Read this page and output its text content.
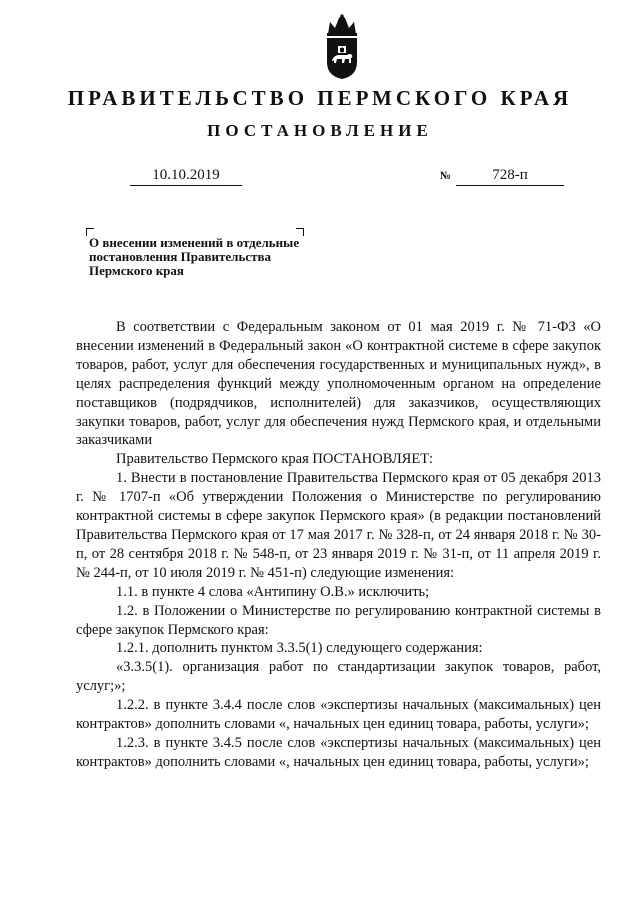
ПРАВИТЕЛЬСТВО ПЕРМСКОГО КРАЯ
ПОСТАНОВЛЕНИЕ
10.10.2019	№	728-п
О внесении изменений в отдельные
постановления Правительства
Пермского края

В соответствии с Федеральным законом от 01 мая 2019 г. № 71-ФЗ «О внесении изменений в Федеральный закон «О контрактной системе в сфере закупок товаров, работ, услуг для обеспечения государственных и муниципальных нужд», в целях распределения функций между уполномоченным органом на определение поставщиков (подрядчиков, исполнителей) для заказчиков, осуществляющих закупки товаров, работ, услуг для обеспечения нужд Пермского края, и отдельными заказчиками

Правительство Пермского края ПОСТАНОВЛЯЕТ:

1. Внести в постановление Правительства Пермского края от 05 декабря 2013 г. № 1707-п «Об утверждении Положения о Министерстве по регулированию контрактной системы в сфере закупок Пермского края» (в редакции постановлений Правительства Пермского края от 17 мая 2017 г. № 328-п, от 24 января 2018 г. № 30-п, от 28 сентября 2018 г. № 548-п, от 23 января 2019 г. № 31-п, от 11 апреля 2019 г. № 244-п, от 10 июля 2019 г. № 451-п) следующие изменения:

1.1. в пункте 4 слова «Антипину О.В.» исключить;

1.2. в Положении о Министерстве по регулированию контрактной системы в сфере закупок Пермского края:

1.2.1. дополнить пунктом 3.3.5(1) следующего содержания:

«3.3.5(1). организация работ по стандартизации закупок товаров, работ, услуг;»;

1.2.2. в пункте 3.4.4 после слов «экспертизы начальных (максимальных) цен контрактов» дополнить словами «, начальных цен единиц товара, работы, услуги»;

1.2.3. в пункте 3.4.5 после слов «экспертизы начальных (максимальных) цен контрактов» дополнить словами «, начальных цен единиц товара, работы, услуги»;
